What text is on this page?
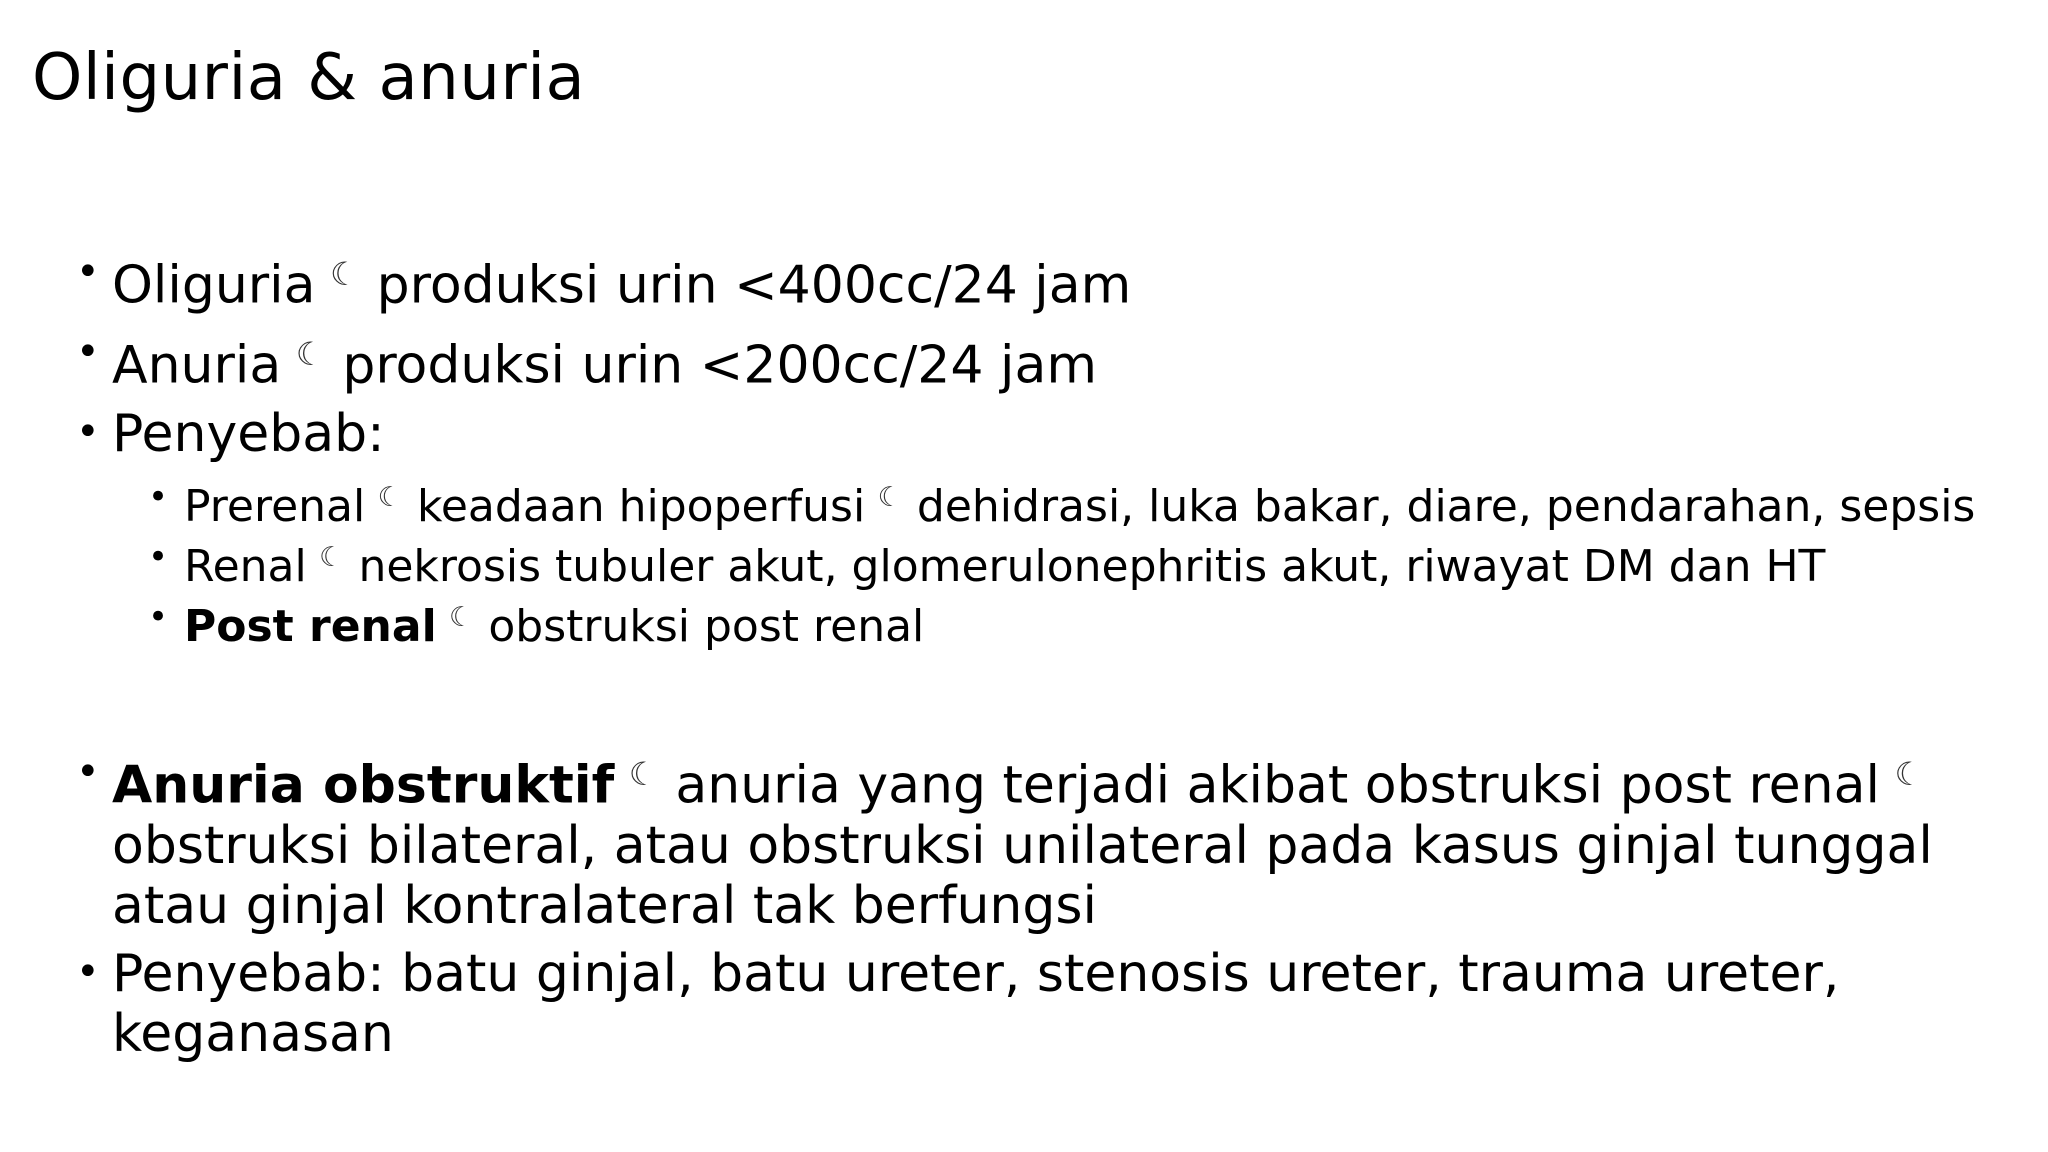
Oliguria & anuria
• Oliguria ☾ produksi urin <400cc/24 jam
• Anuria ☾ produksi urin <200cc/24 jam
• Penyebab:
• Prerenal ☾ keadaan hipoperfusi ☾ dehidrasi, luka bakar, diare, pendarahan, sepsis
• Renal ☾ nekrosis tubuler akut, glomerulonephritis akut, riwayat DM dan HT
• Post renal ☾ obstruksi post renal
• Anuria obstruktif ☾ anuria yang terjadi akibat obstruksi post renal ☾
obstruksi bilateral, atau obstruksi unilateral pada kasus ginjal tunggal
atau ginjal kontralateral tak berfungsi
• Penyebab: batu ginjal, batu ureter, stenosis ureter, trauma ureter,
keganasan
